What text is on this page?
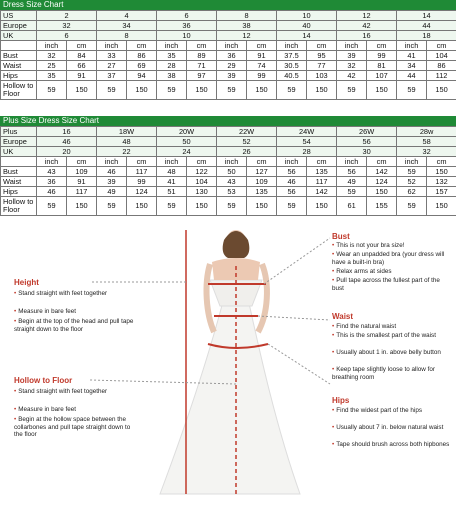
Dress Size Chart
US	2		4		6		8		10		12		14	
Europe	32		34		36		38		40		42		44	
UK	6		8		10		12		14		16		18	
	inch	cm	inch	cm	inch	cm	inch	cm	inch	cm	inch	cm	inch	cm
Bust	32	84	33	86	35	89	36	91	37.5	95	39	99	41	104
Waist	25	66	27	69	28	71	29	74	30.5	77	32	81	34	86
Hips	35	91	37	94	38	97	39	99	40.5	103	42	107	44	112
Hollow to Floor	59	150	59	150	59	150	59	150	59	150	59	150	59	150
Plus Size Dress Size Chart
Plus	16		18W		20W		22W		24W		26W		28w	
Europe	46		48		50		52		54		56		58	
UK	20		22		24		26		28		30		32	
	inch	cm	inch	cm	inch	cm	inch	cm	inch	cm	inch	cm	inch	cm
Bust	43	109	46	117	48	122	50	127	56	135	56	142	59	150
Waist	36	91	39	99	41	104	43	109	46	117	49	124	52	132
Hips	46	117	49	124	51	130	53	135	56	142	59	150	62	157
Hollow to Floor	59	150	59	150	59	150	59	150	59	150	61	155	59	150
Height
• Stand straight with feet together
• Measure in bare feet
• Begin at the top of the head and pull tape straight down to the floor
Hollow to Floor
• Stand straight with feet together
• Measure in bare feet
• Begin at the hollow space between the collarbones and pull tape straight down to the floor
Bust
• This is not your bra size!
• Wear an unpadded bra (your dress will have a built-in bra)
• Relax arms at sides
• Pull tape across the fullest part of the bust
Waist
• Find the natural waist
• This is the smallest part of the waist
• Usually about 1 in. above belly button
• Keep tape slightly loose to allow for breathing room
Hips
• Find the widest part of the hips
• Usually about 7 in. below natural waist
• Tape should brush across both hipbones
